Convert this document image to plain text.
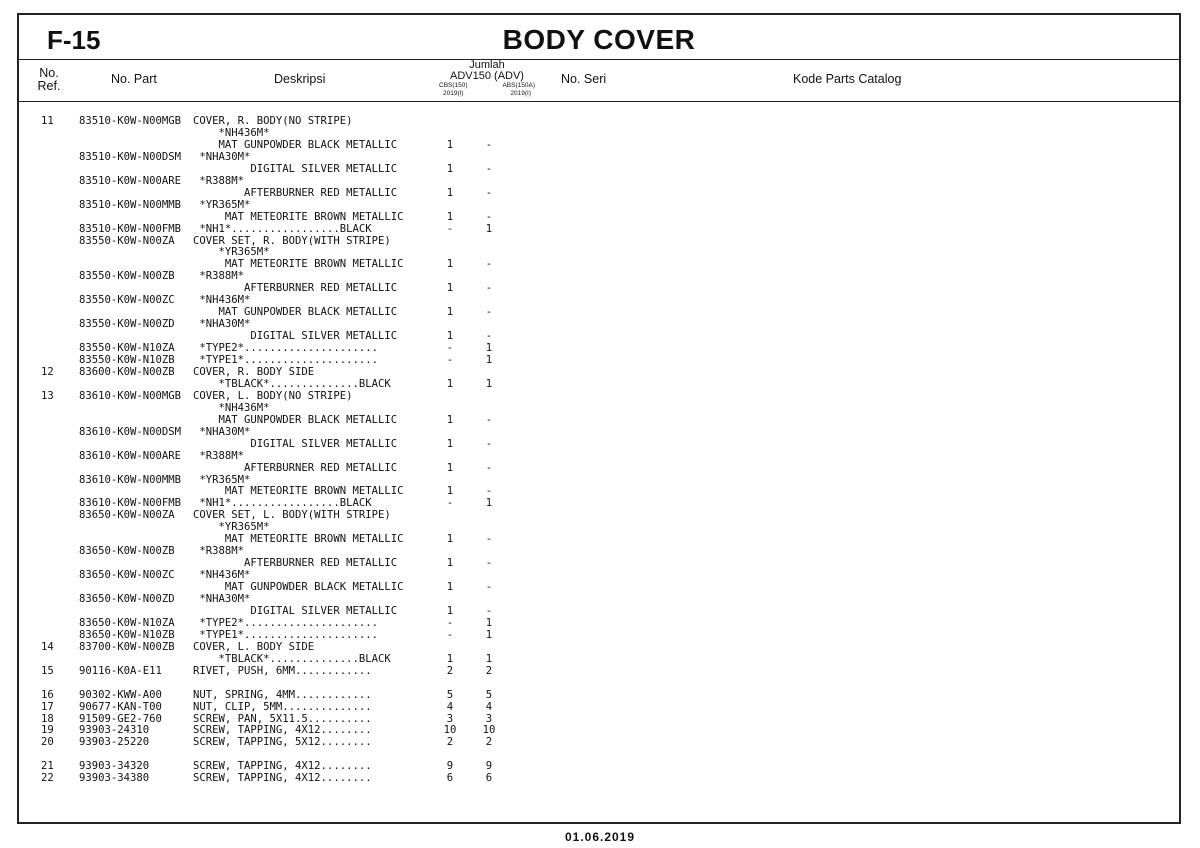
F-15	BODY COVER
No.
Ref.	No. Part	Deskripsi
Jumlah
ADV150 (ADV)
CBS(150)	ABS(150A)
2019(I)	2019(I)
No. Seri	Kode Parts Catalog
11 83510-K0W-N00MGB COVER, R. BODY(NO STRIPE)
*NH436M*
MAT GUNPOWDER BLACK METALLIC	1	-
83510-K0W-N00DSM *NHA30M*
DIGITAL SILVER METALLIC	1	-
83510-K0W-N00ARE *R388M*
AFTERBURNER RED METALLIC	1	-
83510-K0W-N00MMB *YR365M*
MAT METEORITE BROWN METALLIC	1	-
83510-K0W-N00FMB *NH1*.................BLACK	-	1
83550-K0W-N00ZA COVER SET, R. BODY(WITH STRIPE)
*YR365M*
MAT METEORITE BROWN METALLIC	1	-
83550-K0W-N00ZB *R388M*
AFTERBURNER RED METALLIC	1	-
83550-K0W-N00ZC *NH436M*
MAT GUNPOWDER BLACK METALLIC	1	-
83550-K0W-N00ZD *NHA30M*
DIGITAL SILVER METALLIC	1	-
83550-K0W-N10ZA *TYPE2*.....................	-	1
83550-K0W-N10ZB *TYPE1*.....................	-	1
12 83600-K0W-N00ZB COVER, R. BODY SIDE
*TBLACK*..............BLACK	1	1
13 83610-K0W-N00MGB COVER, L. BODY(NO STRIPE)
*NH436M*
MAT GUNPOWDER BLACK METALLIC	1	-
83610-K0W-N00DSM *NHA30M*
DIGITAL SILVER METALLIC	1	-
83610-K0W-N00ARE *R388M*
AFTERBURNER RED METALLIC	1	-
83610-K0W-N00MMB *YR365M*
MAT METEORITE BROWN METALLIC	1	-
83610-K0W-N00FMB *NH1*.................BLACK	-	1
83650-K0W-N00ZA COVER SET, L. BODY(WITH STRIPE)
*YR365M*
MAT METEORITE BROWN METALLIC	1	-
83650-K0W-N00ZB *R388M*
AFTERBURNER RED METALLIC	1	-
83650-K0W-N00ZC *NH436M*
MAT GUNPOWDER BLACK METALLIC	1	-
83650-K0W-N00ZD *NHA30M*
DIGITAL SILVER METALLIC	1	-
83650-K0W-N10ZA *TYPE2*.....................	-	1
83650-K0W-N10ZB *TYPE1*.....................	-	1
14 83700-K0W-N00ZB COVER, L. BODY SIDE
*TBLACK*..............BLACK	1	1
15 90116-K0A-E11	RIVET, PUSH, 6MM............	2	2
16 90302-KWW-A00	NUT, SPRING, 4MM............	5	5
17 90677-KAN-T00	NUT, CLIP, 5MM..............	4	4
18 91509-GE2-760	SCREW, PAN, 5X11.5..........	3	3
19 93903-24310	SCREW, TAPPING, 4X12........	10	10
20 93903-25220	SCREW, TAPPING, 5X12........	2	2
21 93903-34320	SCREW, TAPPING, 4X12........	9	9
22 93903-34380	SCREW, TAPPING, 4X12........	6	6
01.06.2019
